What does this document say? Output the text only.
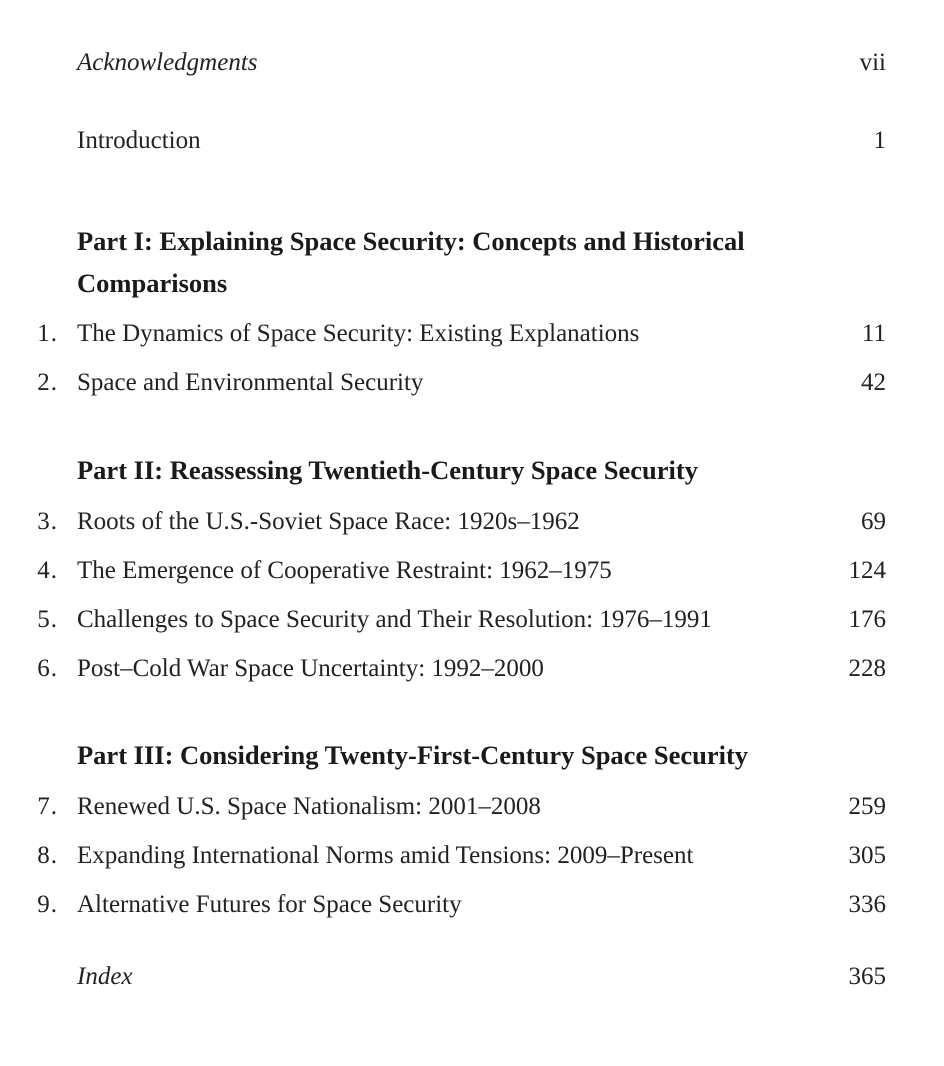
Acknowledgments	vii
Introduction	1
Part I: Explaining Space Security: Concepts and Historical Comparisons
1. The Dynamics of Space Security: Existing Explanations	11
2. Space and Environmental Security	42
Part II: Reassessing Twentieth-Century Space Security
3. Roots of the U.S.-Soviet Space Race: 1920s–1962	69
4. The Emergence of Cooperative Restraint: 1962–1975	124
5. Challenges to Space Security and Their Resolution: 1976–1991	176
6. Post–Cold War Space Uncertainty: 1992–2000	228
Part III: Considering Twenty-First-Century Space Security
7. Renewed U.S. Space Nationalism: 2001–2008	259
8. Expanding International Norms amid Tensions: 2009–Present	305
9. Alternative Futures for Space Security	336
Index	365
